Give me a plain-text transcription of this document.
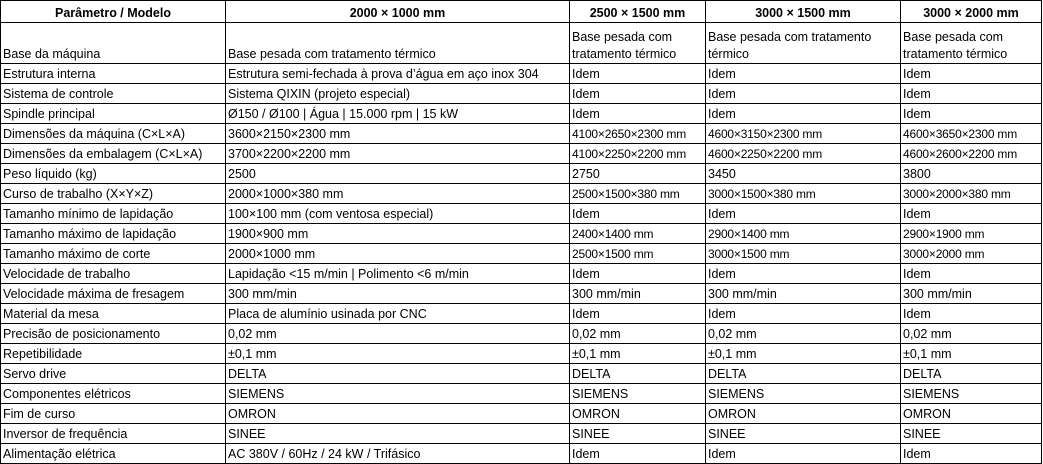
Parâmetro / Modelo	2000 × 1000 mm	2500 × 1500 mm	3000 × 1500 mm	3000 × 2000 mm
Base da máquina	Base pesada com tratamento térmico	Base pesada com tratamento térmico	Base pesada com tratamento térmico	Base pesada com tratamento térmico
Estrutura interna	Estrutura semi-fechada à prova d’água em aço inox 304	Idem	Idem	Idem
Sistema de controle	Sistema QIXIN (projeto especial)	Idem	Idem	Idem
Spindle principal	Ø150 / Ø100 | Água | 15.000 rpm | 15 kW	Idem	Idem	Idem
Dimensões da máquina (C×L×A)	3600×2150×2300 mm	4100×2650×2300 mm	4600×3150×2300 mm	4600×3650×2300 mm
Dimensões da embalagem (C×L×A)	3700×2200×2200 mm	4100×2250×2200 mm	4600×2250×2200 mm	4600×2600×2200 mm
Peso líquido (kg)	2500	2750	3450	3800
Curso de trabalho (X×Y×Z)	2000×1000×380 mm	2500×1500×380 mm	3000×1500×380 mm	3000×2000×380 mm
Tamanho mínimo de lapidação	100×100 mm (com ventosa especial)	Idem	Idem	Idem
Tamanho máximo de lapidação	1900×900 mm	2400×1400 mm	2900×1400 mm	2900×1900 mm
Tamanho máximo de corte	2000×1000 mm	2500×1500 mm	3000×1500 mm	3000×2000 mm
Velocidade de trabalho	Lapidação <15 m/min | Polimento <6 m/min	Idem	Idem	Idem
Velocidade máxima de fresagem	300 mm/min	300 mm/min	300 mm/min	300 mm/min
Material da mesa	Placa de alumínio usinada por CNC	Idem	Idem	Idem
Precisão de posicionamento	0,02 mm	0,02 mm	0,02 mm	0,02 mm
Repetibilidade	±0,1 mm	±0,1 mm	±0,1 mm	±0,1 mm
Servo drive	DELTA	DELTA	DELTA	DELTA
Componentes elétricos	SIEMENS	SIEMENS	SIEMENS	SIEMENS
Fim de curso	OMRON	OMRON	OMRON	OMRON
Inversor de frequência	SINEE	SINEE	SINEE	SINEE
Alimentação elétrica	AC 380V / 60Hz / 24 kW / Trifásico	Idem	Idem	Idem
